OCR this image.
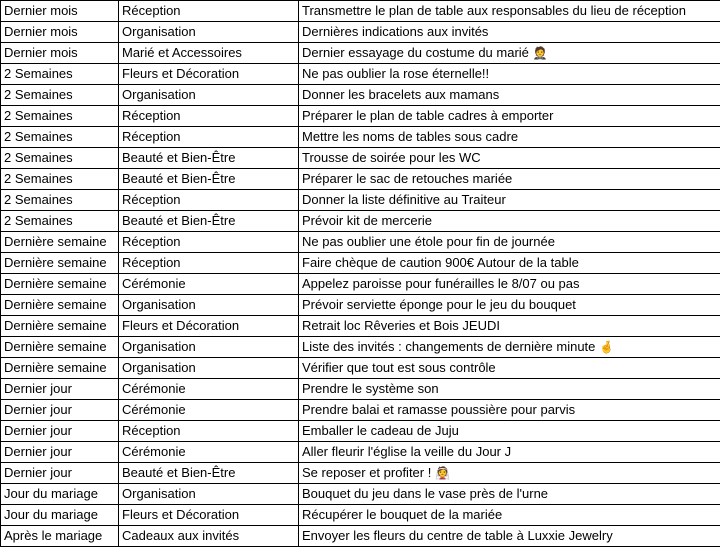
Dernier mois	Réception	Transmettre le plan de table aux responsables du lieu de réception
Dernier mois	Organisation	Dernières indications aux invités
Dernier mois	Marié et Accessoires	Dernier essayage du costume du marié 🤵
2 Semaines	Fleurs et Décoration	Ne pas oublier la rose éternelle!!
2 Semaines	Organisation	Donner les bracelets aux mamans
2 Semaines	Réception	Préparer le plan de table cadres à emporter
2 Semaines	Réception	Mettre les noms de tables sous cadre
2 Semaines	Beauté et Bien-Être	Trousse de soirée pour les WC
2 Semaines	Beauté et Bien-Être	Préparer le sac de retouches mariée
2 Semaines	Réception	Donner la liste définitive au Traiteur
2 Semaines	Beauté et Bien-Être	Prévoir kit de mercerie
Dernière semaine	Réception	Ne pas oublier une étole pour fin de journée
Dernière semaine	Réception	Faire chèque de caution 900€ Autour de la table
Dernière semaine	Cérémonie	Appelez paroisse pour funérailles le 8/07 ou pas
Dernière semaine	Organisation	Prévoir serviette éponge pour le jeu du bouquet
Dernière semaine	Fleurs et Décoration	Retrait loc Rêveries et Bois JEUDI
Dernière semaine	Organisation	Liste des invités : changements de dernière minute 🤞
Dernière semaine	Organisation	Vérifier que tout est sous contrôle
Dernier jour	Cérémonie	Prendre le système son
Dernier jour	Cérémonie	Prendre balai et ramasse poussière pour parvis
Dernier jour	Réception	Emballer le cadeau de Juju
Dernier jour	Cérémonie	Aller fleurir l'église la veille du Jour J
Dernier jour	Beauté et Bien-Être	Se reposer et profiter ! 👰
Jour du mariage	Organisation	Bouquet du jeu dans le vase près de l'urne
Jour du mariage	Fleurs et Décoration	Récupérer le bouquet de la mariée
Après le mariage	Cadeaux aux invités	Envoyer les fleurs du centre de table à Luxxie Jewelry
